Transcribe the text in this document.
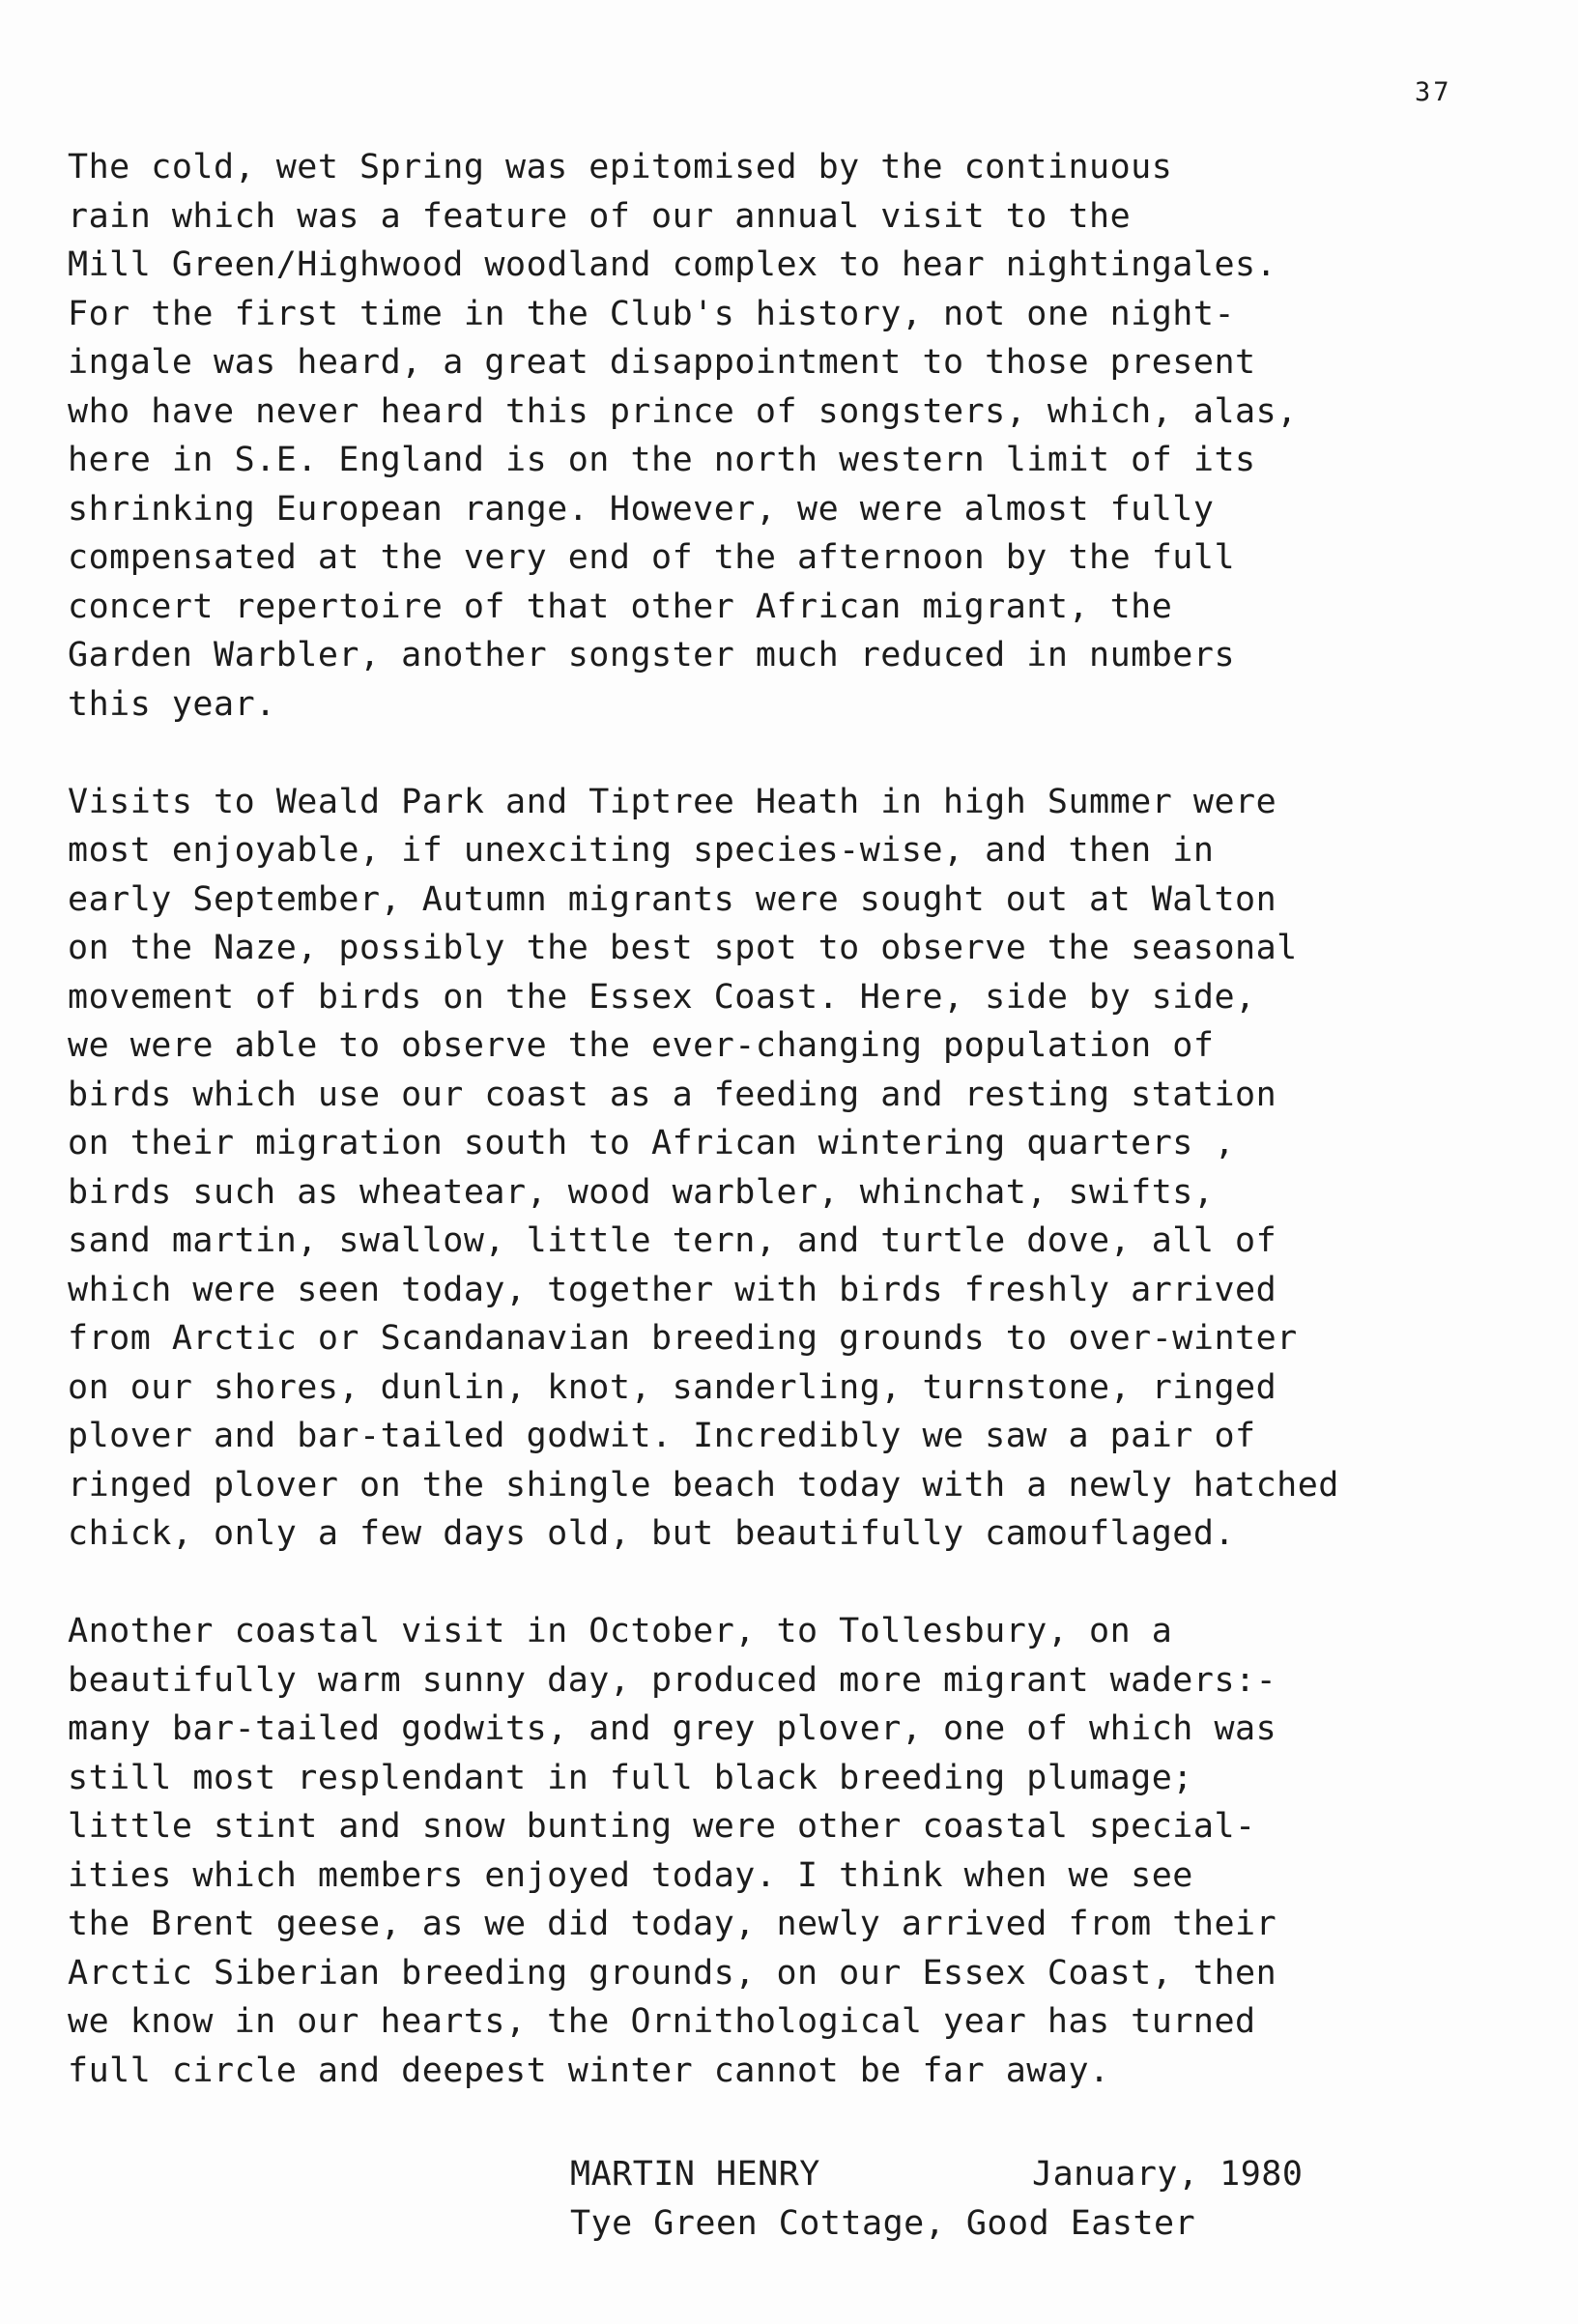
37
The cold, wet Spring was epitomised by the continuous
rain which was a feature of our annual visit to the
Mill Green/Highwood woodland complex to hear nightingales.
For the first time in the Club's history, not one night-
ingale was heard, a great disappointment to those present
who have never heard this prince of songsters, which, alas,
here in S.E. England is on the north western limit of its
shrinking European range. However, we were almost fully
compensated at the very end of the afternoon by the full
concert repertoire of that other African migrant, the
Garden Warbler, another songster much reduced in numbers
this year.
Visits to Weald Park and Tiptree Heath in high Summer were
most enjoyable, if unexciting species-wise, and then in
early September, Autumn migrants were sought out at Walton
on the Naze, possibly the best spot to observe the seasonal
movement of birds on the Essex Coast. Here, side by side,
we were able to observe the ever-changing population of
birds which use our coast as a feeding and resting station
on their migration south to African wintering quarters ,
birds such as wheatear, wood warbler, whinchat, swifts,
sand martin, swallow, little tern, and turtle dove, all of
which were seen today, together with birds freshly arrived
from Arctic or Scandanavian breeding grounds to over-winter
on our shores, dunlin, knot, sanderling, turnstone, ringed
plover and bar-tailed godwit. Incredibly we saw a pair of
ringed plover on the shingle beach today with a newly hatched
chick, only a few days old, but beautifully camouflaged.
Another coastal visit in October, to Tollesbury, on a
beautifully warm sunny day, produced more migrant waders:-
many bar-tailed godwits, and grey plover, one of which was
still most resplendant in full black breeding plumage;
little stint and snow bunting were other coastal special-
ities which members enjoyed today. I think when we see
the Brent geese, as we did today, newly arrived from their
Arctic Siberian breeding grounds, on our Essex Coast, then
we know in our hearts, the Ornithological year has turned
full circle and deepest winter cannot be far away.
MARTIN HENRY	January, 1980
Tye Green Cottage, Good Easter
